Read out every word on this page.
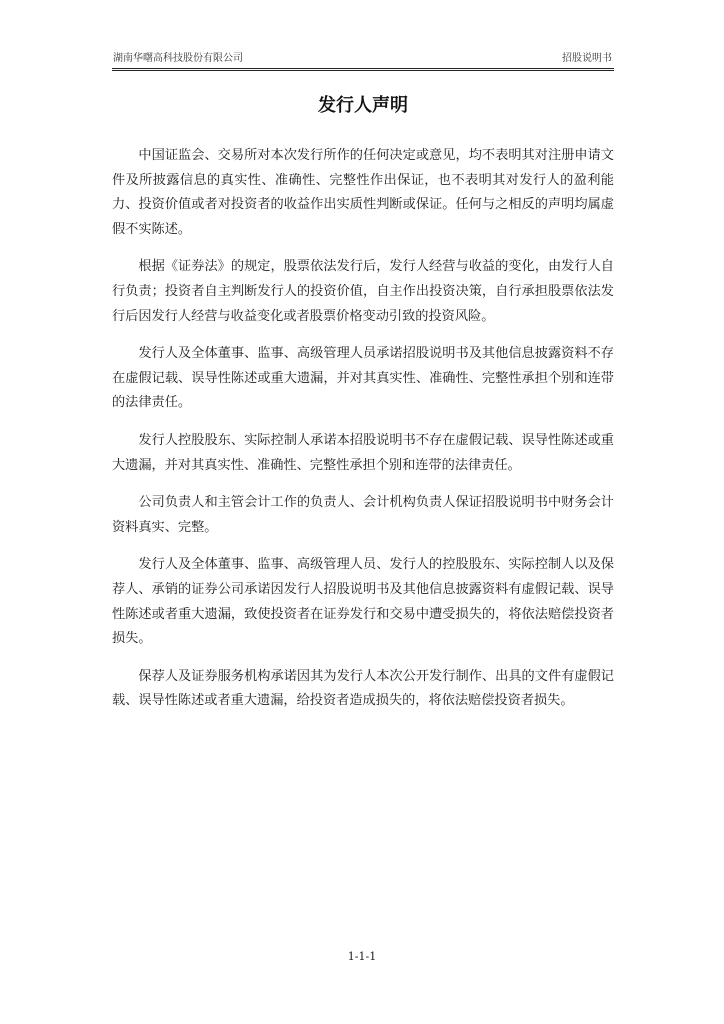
湖南华曙高科技股份有限公司	招股说明书
发行人声明

中国证监会、交易所对本次发行所作的任何决定或意见，均不表明其对注册申请文件及所披露信息的真实性、准确性、完整性作出保证，也不表明其对发行人的盈利能力、投资价值或者对投资者的收益作出实质性判断或保证。任何与之相反的声明均属虚假不实陈述。

根据《证券法》的规定，股票依法发行后，发行人经营与收益的变化，由发行人自行负责；投资者自主判断发行人的投资价值，自主作出投资决策，自行承担股票依法发行后因发行人经营与收益变化或者股票价格变动引致的投资风险。

发行人及全体董事、监事、高级管理人员承诺招股说明书及其他信息披露资料不存在虚假记载、误导性陈述或重大遗漏，并对其真实性、准确性、完整性承担个别和连带的法律责任。

发行人控股股东、实际控制人承诺本招股说明书不存在虚假记载、误导性陈述或重大遗漏，并对其真实性、准确性、完整性承担个别和连带的法律责任。

公司负责人和主管会计工作的负责人、会计机构负责人保证招股说明书中财务会计资料真实、完整。

发行人及全体董事、监事、高级管理人员、发行人的控股股东、实际控制人以及保荐人、承销的证券公司承诺因发行人招股说明书及其他信息披露资料有虚假记载、误导性陈述或者重大遗漏，致使投资者在证券发行和交易中遭受损失的，将依法赔偿投资者损失。

保荐人及证券服务机构承诺因其为发行人本次公开发行制作、出具的文件有虚假记载、误导性陈述或者重大遗漏，给投资者造成损失的，将依法赔偿投资者损失。

1-1-1
